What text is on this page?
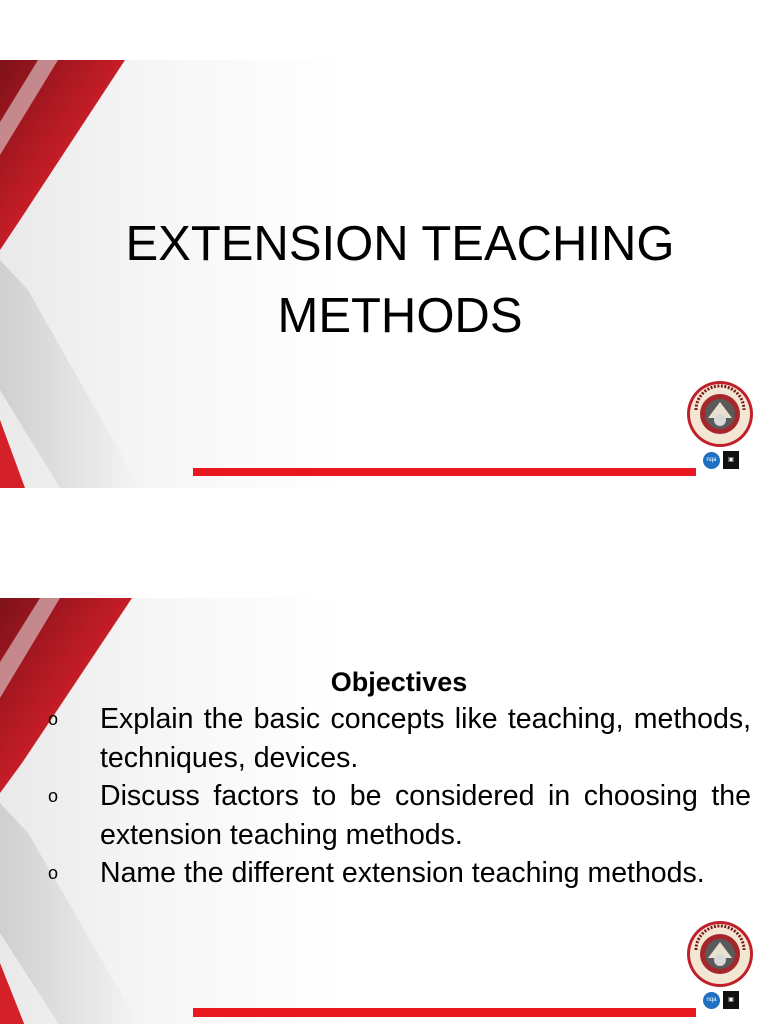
EXTENSION TEACHING
METHODS
nqa	▣
Objectives
o Explain the basic concepts like teaching, methods, techniques, devices.
o Discuss factors to be considered in choosing the extension teaching methods.
o Name the different extension teaching methods.
nqa	▣
